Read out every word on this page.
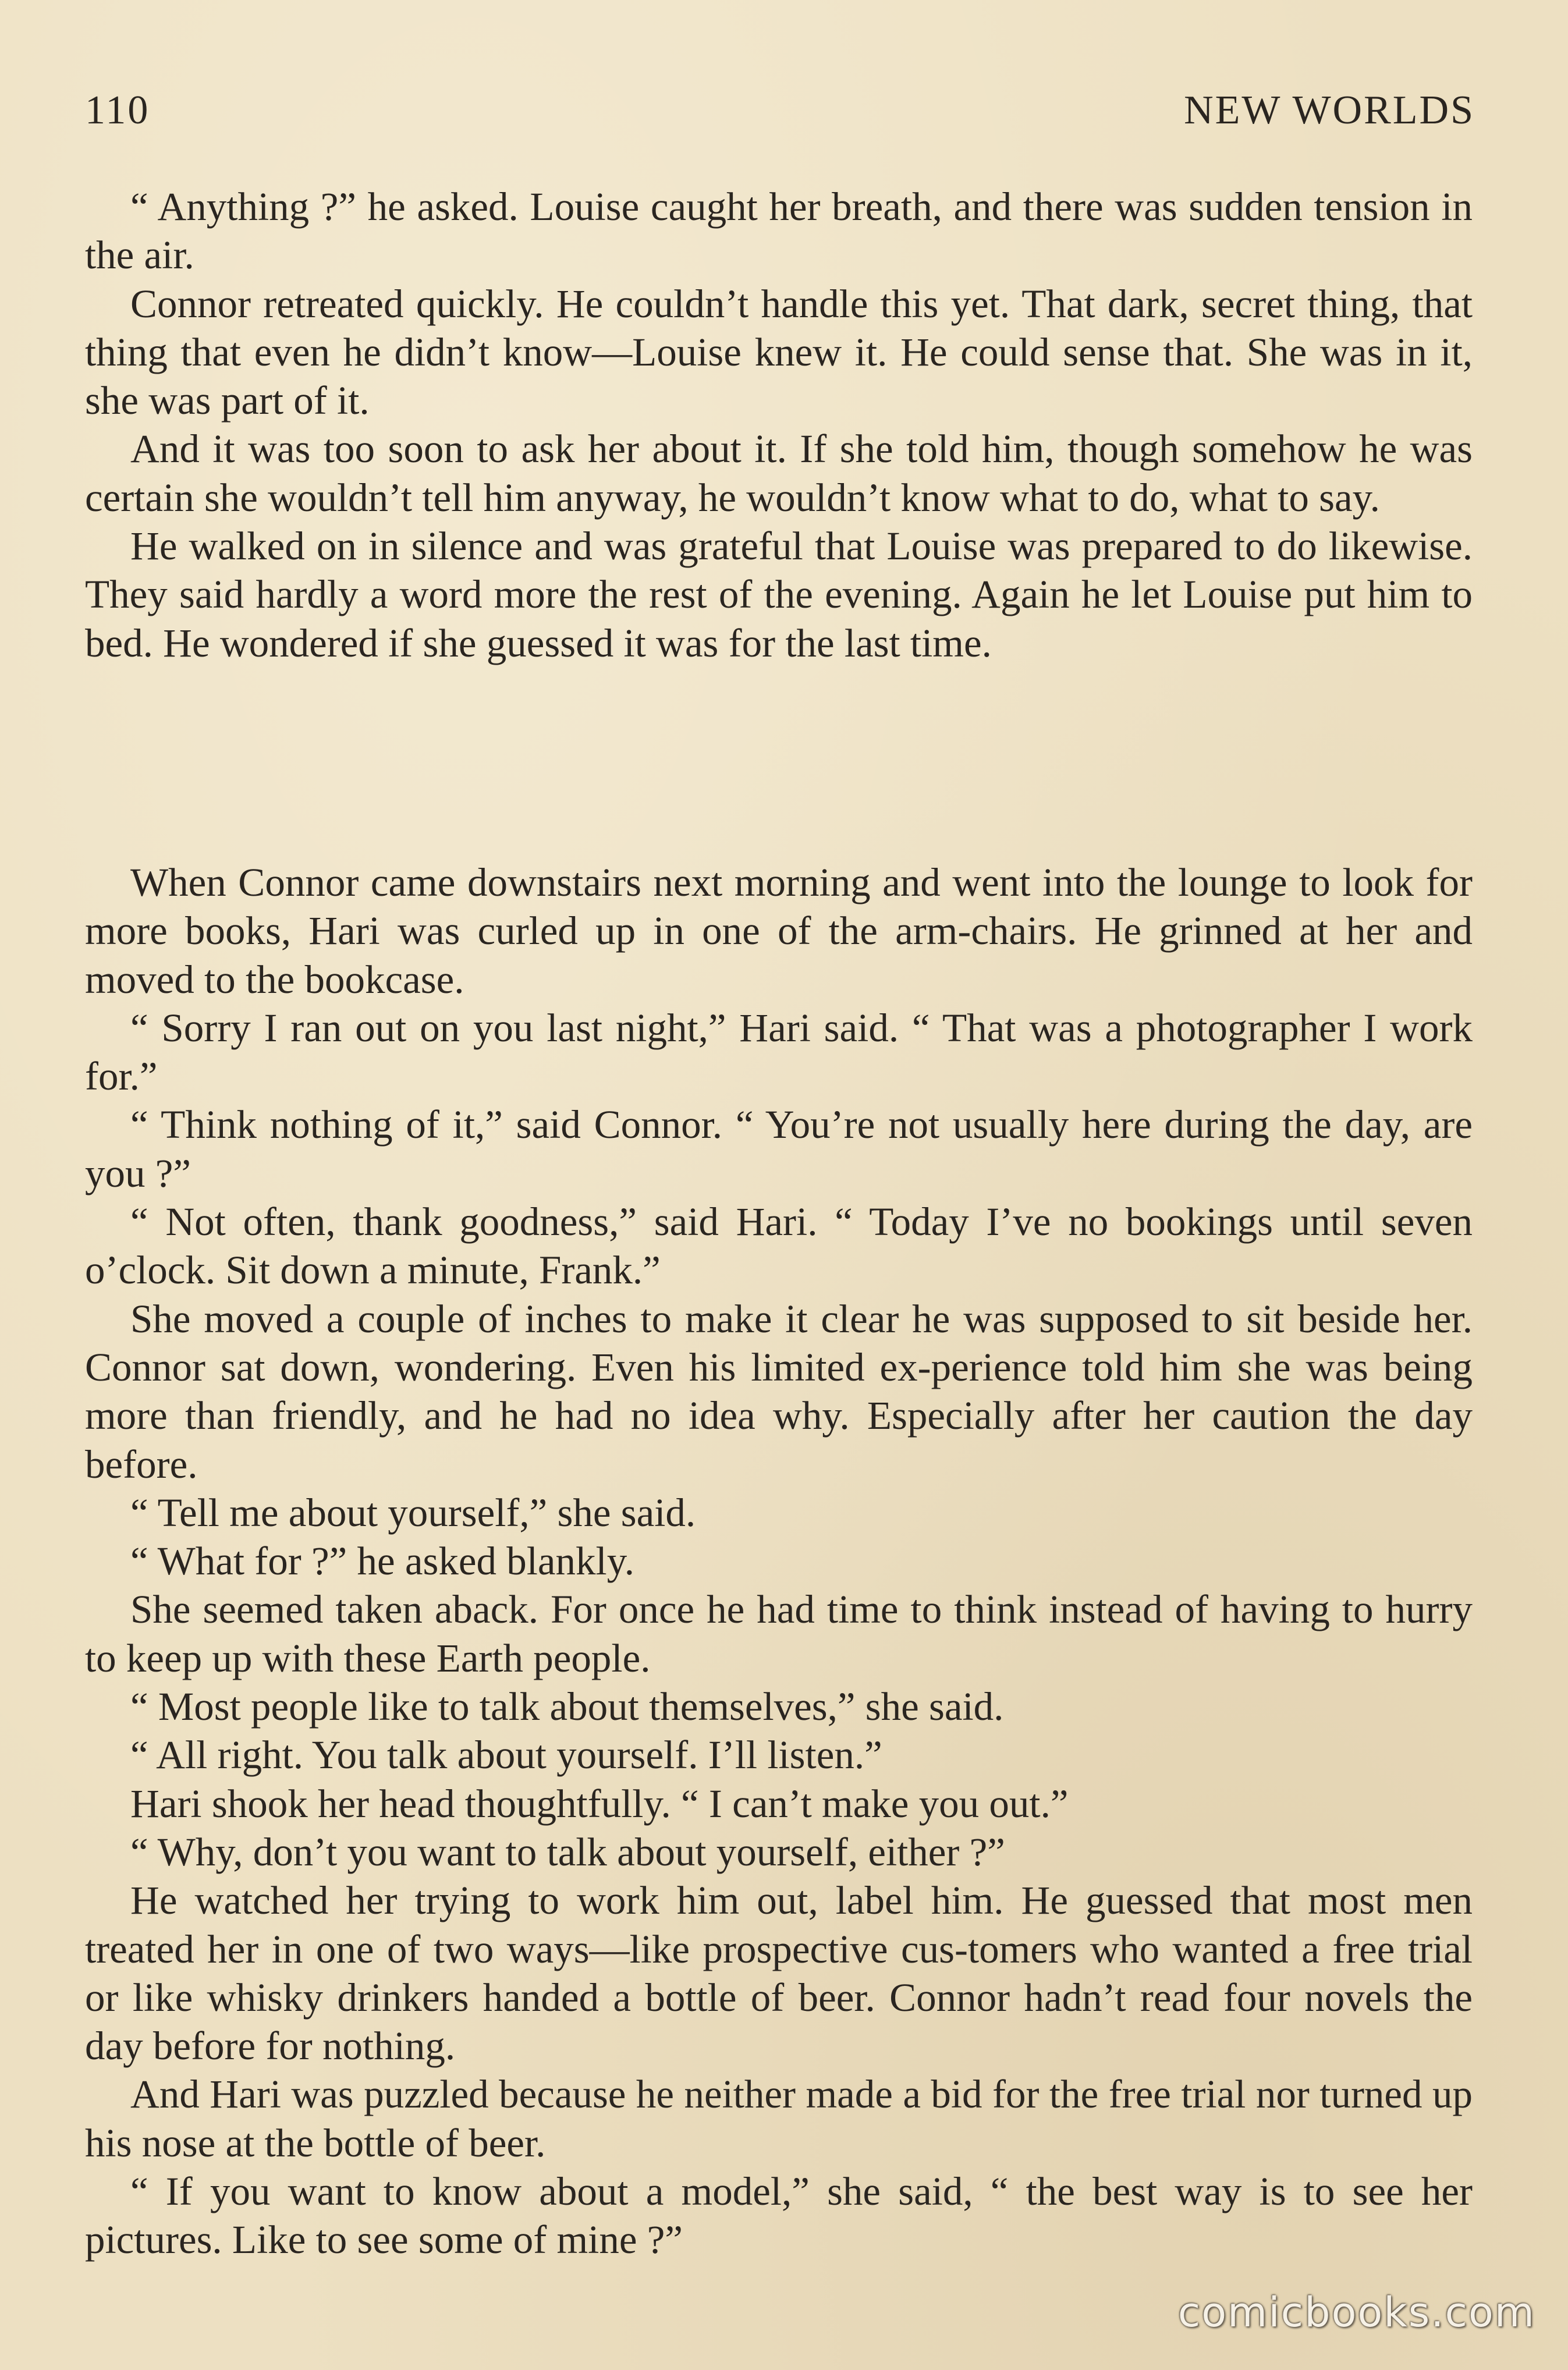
110	NEW WORLDS

“ Anything ?” he asked. Louise caught her breath, and there was sudden tension in the air.

Connor retreated quickly. He couldn’t handle this yet. That dark, secret thing, that thing that even he didn’t know—Louise knew it. He could sense that. She was in it, she was part of it.

And it was too soon to ask her about it. If she told him, though somehow he was certain she wouldn’t tell him anyway, he wouldn’t know what to do, what to say.

He walked on in silence and was grateful that Louise was prepared to do likewise. They said hardly a word more the rest of the evening. Again he let Louise put him to bed. He wondered if she guessed it was for the last time.

When Connor came downstairs next morning and went into the lounge to look for more books, Hari was curled up in one of the arm-chairs. He grinned at her and moved to the bookcase.

“ Sorry I ran out on you last night,” Hari said. “ That was a photographer I work for.”

“ Think nothing of it,” said Connor. “ You’re not usually here during the day, are you ?”

“ Not often, thank goodness,” said Hari. “ Today I’ve no bookings until seven o’clock. Sit down a minute, Frank.”

She moved a couple of inches to make it clear he was supposed to sit beside her. Connor sat down, wondering. Even his limited ex-perience told him she was being more than friendly, and he had no idea why. Especially after her caution the day before.

“ Tell me about yourself,” she said.

“ What for ?” he asked blankly.

She seemed taken aback. For once he had time to think instead of having to hurry to keep up with these Earth people.

“ Most people like to talk about themselves,” she said.

“ All right. You talk about yourself. I’ll listen.”

Hari shook her head thoughtfully. “ I can’t make you out.”

“ Why, don’t you want to talk about yourself, either ?”

He watched her trying to work him out, label him. He guessed that most men treated her in one of two ways—like prospective cus-tomers who wanted a free trial or like whisky drinkers handed a bottle of beer. Connor hadn’t read four novels the day before for nothing.

And Hari was puzzled because he neither made a bid for the free trial nor turned up his nose at the bottle of beer.

“ If you want to know about a model,” she said, “ the best way is to see her pictures. Like to see some of mine ?”

comicbooks.com
